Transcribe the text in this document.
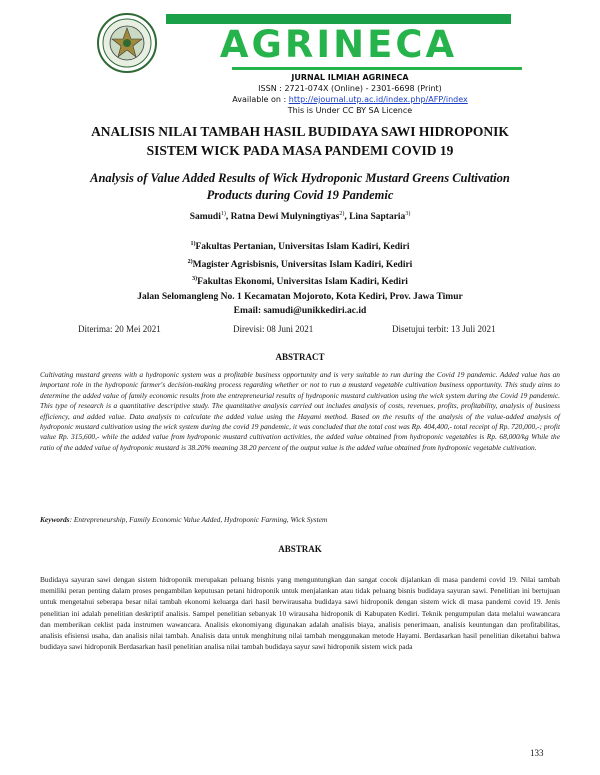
AGRINECA
JURNAL ILMIAH AGRINECA
ISSN : 2721-074X (Online) - 2301-6698 (Print)
Available on : http://ejournal.utp.ac.id/index.php/AFP/index
This is Under CC BY SA Licence
ANALISIS NILAI TAMBAH HASIL BUDIDAYA SAWI HIDROPONIK
SISTEM WICK PADA MASA PANDEMI COVID 19
Analysis of Value Added Results of Wick Hydroponic Mustard Greens Cultivation
Products during Covid 19 Pandemic
Samudi$^{1)}$, Ratna Dewi Mulyningtiyas$^{2)}$, Lina Saptaria$^{3)}$
$^{1)}$Fakultas Pertanian, Universitas Islam Kadiri, Kediri
$^{2)}$Magister Agrisbisnis, Universitas Islam Kadiri, Kediri
$^{3)}$Fakultas Ekonomi, Universitas Islam Kadiri, Kediri
Jalan Selomangleng No. 1 Kecamatan Mojoroto, Kota Kediri, Prov. Jawa Timur
Email: samudi@unikkediri.ac.id
Diterima: 20 Mei 2021	Direvisi: 08 Juni 2021	Disetujui terbit: 13 Juli 2021
ABSTRACT

Cultivating mustard greens with a hydroponic system was a profitable business opportunity and is very suitable to run during the Covid 19 pandemic. Added value has an important role in the hydroponic farmer's decision-making process regarding whether or not to run a mustard vegetable cultivation business opportunity. This study aims to determine the added value of family economic results from the entrepreneurial results of hydroponic mustard cultivation using the wick system during the Covid 19 pandemic. This type of research is a quantitative descriptive study. The quantitative analysis carried out includes analysis of costs, revenues, profits, profitability, analysis of business efficiency, and added value. Data analysis to calculate the added value using the Hayami method. Based on the results of the analysis of the value-added analysis of hydroponic mustard cultivation using the wick system during the covid 19 pandemic, it was concluded that the total cost was Rp. 404,400,- total receipt of Rp. 720,000,-; profit value Rp. 315,600,- while the added value from hydroponic mustard cultivation activities, the added value obtained from hydroponic vegetables is Rp. 68,000/kg While the ratio of the added value of hydroponic mustard is 38.20% meaning 38.20 percent of the output value is the added value obtained from hydroponic vegetable cultivation.

Keywords: Entrepreneurship, Family Economic Value Added, Hydroponic Farming, Wick System
ABSTRAK

Budidaya sayuran sawi dengan sistem hidroponik merupakan peluang bisnis yang menguntungkan dan sangat cocok dijalankan di masa pandemi covid 19. Nilai tambah memiliki peran penting dalam proses pengambilan keputusan petani hidroponik untuk menjalankan atau tidak peluang bisnis budidaya sayuran sawi. Penelitian ini bertujuan untuk mengetahui seberapa besar nilai tambah ekonomi keluarga dari hasil berwirausaha budidaya sawi hidroponik dengan sistem wick di masa pandemi covid 19. Jenis penelitian ini adalah penelitian deskriptif analisis. Sampel penelitian sebanyak 10 wirausaha hidroponik di Kabupaten Kediri. Teknik pengumpulan data melalui wawancara dan memberikan ceklist pada instrumen wawancara. Analisis ekonomiyang digunakan adalah analisis biaya, analisis penerimaan, analisis keuntungan dan profitabilitas, analisis efisiensi usaha, dan analisis nilai tambah. Analisis data untuk menghitung nilai tambah menggunakan metode Hayami. Berdasarkan hasil penelitian diketahui bahwa budidaya sawi hidroponik Berdasarkan hasil penelitian analisa nilai tambah budidaya sayur sawi hidroponik sistem wick pada

133
